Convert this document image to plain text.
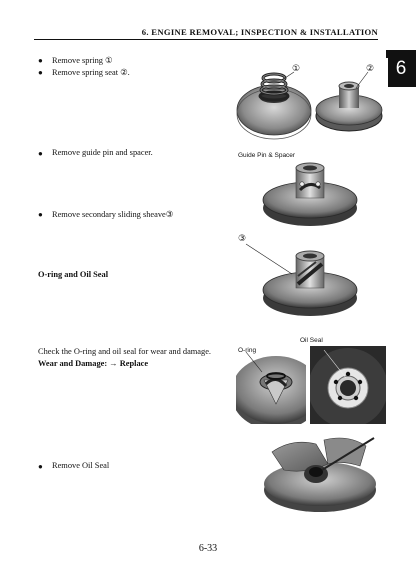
6. ENGINE REMOVAL; INSPECTION & INSTALLATION
6
● Remove spring ①
● Remove spring seat ②.
● Remove guide pin and spacer.
● Remove secondary sliding sheave③
O-ring and Oil Seal
Check the O-ring and oil seal for wear and damage.
Wear and Damage: → Replace
● Remove Oil Seal
①	②
Guide Pin & Spacer
③
O-ring
Oil Seal
6-33
